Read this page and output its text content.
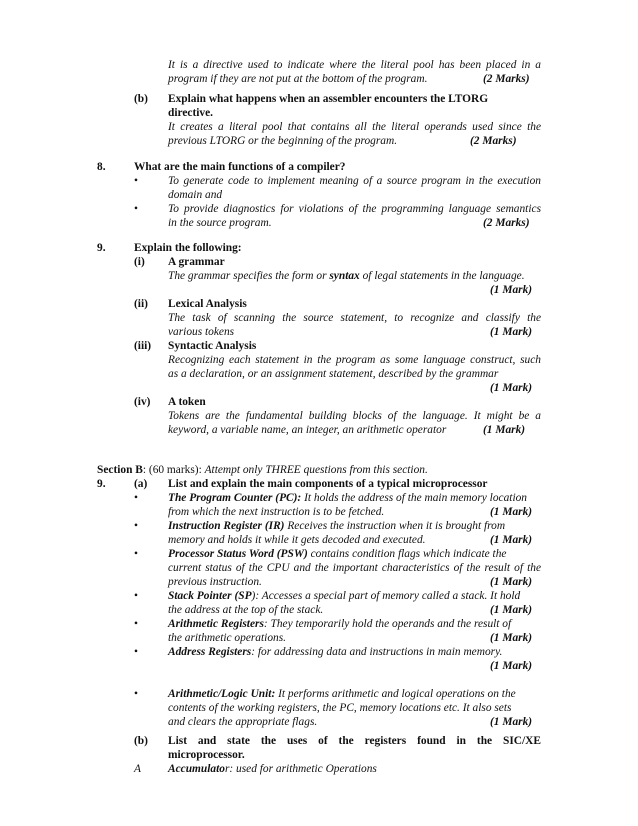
It is a directive used to indicate where the literal pool has been placed in a
program if they are not put at the bottom of the program.	(2 Marks)
(b) Explain what happens when an assembler encounters the LTORG
directive.
It creates a literal pool that contains all the literal operands used since the
previous LTORG or the beginning of the program.	(2 Marks)
8. What are the main functions of a compiler?
•	To generate code to implement meaning of a source program in the execution
domain and
•	To provide diagnostics for violations of the programming language semantics
in the source program.	(2 Marks)
9. Explain the following:
(i) A grammar
The grammar specifies the form or syntax of legal statements in the language.
(1 Mark)
(ii) Lexical Analysis
The task of scanning the source statement, to recognize and classify the
various tokens	(1 Mark)
(iii) Syntactic Analysis
Recognizing each statement in the program as some language construct, such
as a declaration, or an assignment statement, described by the grammar
(1 Mark)
(iv) A token
Tokens are the fundamental building blocks of the language. It might be a
keyword, a variable name, an integer, an arithmetic operator	(1 Mark)
Section B: (60 marks): Attempt only THREE questions from this section.
9. (a) List and explain the main components of a typical microprocessor
•	The Program Counter (PC): It holds the address of the main memory location
from which the next instruction is to be fetched.	(1 Mark)
•	Instruction Register (IR) Receives the instruction when it is brought from
memory and holds it while it gets decoded and executed.	(1 Mark)
•	Processor Status Word (PSW) contains condition flags which indicate the
current status of the CPU and the important characteristics of the result of the
previous instruction.	(1 Mark)
•	Stack Pointer (SP): Accesses a special part of memory called a stack. It hold
the address at the top of the stack.	(1 Mark)
•	Arithmetic Registers: They temporarily hold the operands and the result of
the arithmetic operations.	(1 Mark)
•	Address Registers: for addressing data and instructions in main memory.
(1 Mark)
•	Arithmetic/Logic Unit: It performs arithmetic and logical operations on the
contents of the working registers, the PC, memory locations etc. It also sets
and clears the appropriate flags.	(1 Mark)
(b) List and state the uses of the registers found in the SIC/XE
microprocessor.
A Accumulator: used for arithmetic Operations
